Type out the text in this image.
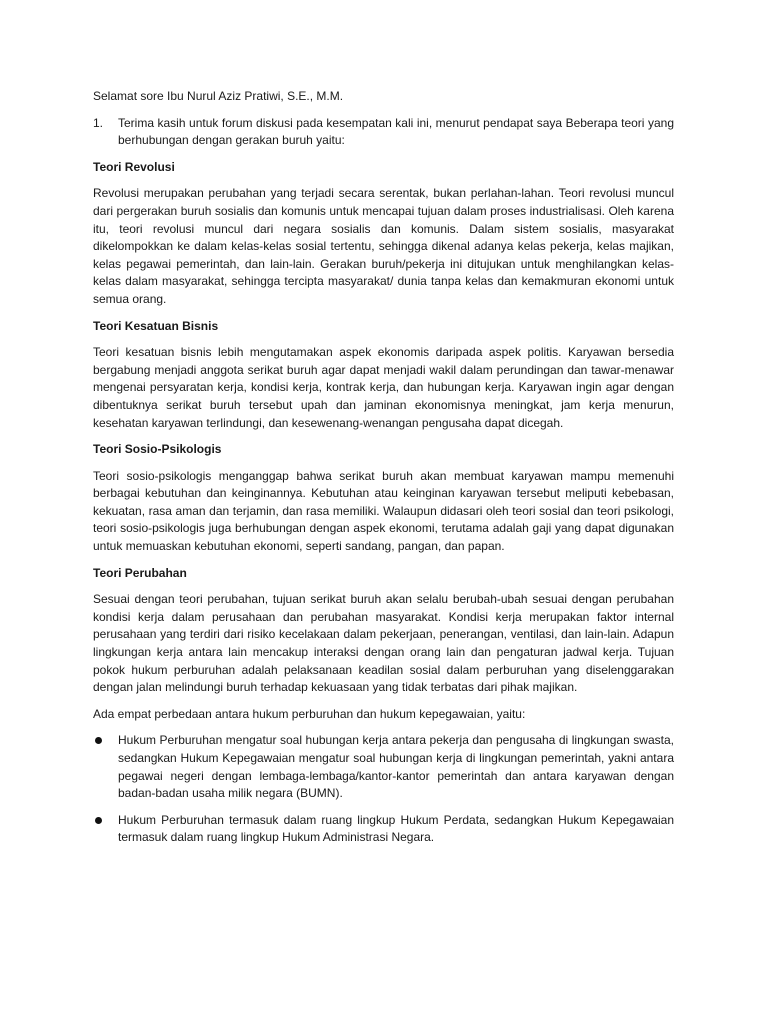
Selamat sore Ibu Nurul Aziz Pratiwi, S.E., M.M.

1.	Terima kasih untuk forum diskusi pada kesempatan kali ini, menurut pendapat saya Beberapa teori yang berhubungan dengan gerakan buruh yaitu:
Teori Revolusi

Revolusi merupakan perubahan yang terjadi secara serentak, bukan perlahan-lahan. Teori revolusi muncul dari pergerakan buruh sosialis dan komunis untuk mencapai tujuan dalam proses industrialisasi. Oleh karena itu, teori revolusi muncul dari negara sosialis dan komunis. Dalam sistem sosialis, masyarakat dikelompokkan ke dalam kelas-kelas sosial tertentu, sehingga dikenal adanya kelas pekerja, kelas majikan, kelas pegawai pemerintah, dan lain-lain. Gerakan buruh/pekerja ini ditujukan untuk menghilangkan kelas-kelas dalam masyarakat, sehingga tercipta masyarakat/ dunia tanpa kelas dan kemakmuran ekonomi untuk semua orang.

Teori Kesatuan Bisnis

Teori kesatuan bisnis lebih mengutamakan aspek ekonomis daripada aspek politis. Karyawan bersedia bergabung menjadi anggota serikat buruh agar dapat menjadi wakil dalam perundingan dan tawar-menawar mengenai persyaratan kerja, kondisi kerja, kontrak kerja, dan hubungan kerja. Karyawan ingin agar dengan dibentuknya serikat buruh tersebut upah dan jaminan ekonomisnya meningkat, jam kerja menurun, kesehatan karyawan terlindungi, dan kesewenang-wenangan pengusaha dapat dicegah.

Teori Sosio-Psikologis

Teori sosio-psikologis menganggap bahwa serikat buruh akan membuat karyawan mampu memenuhi berbagai kebutuhan dan keinginannya. Kebutuhan atau keinginan karyawan tersebut meliputi kebebasan, kekuatan, rasa aman dan terjamin, dan rasa memiliki. Walaupun didasari oleh teori sosial dan teori psikologi, teori sosio-psikologis juga berhubungan dengan aspek ekonomi, terutama adalah gaji yang dapat digunakan untuk memuaskan kebutuhan ekonomi, seperti sandang, pangan, dan papan.

Teori Perubahan

Sesuai dengan teori perubahan, tujuan serikat buruh akan selalu berubah-ubah sesuai dengan perubahan kondisi kerja dalam perusahaan dan perubahan masyarakat. Kondisi kerja merupakan faktor internal perusahaan yang terdiri dari risiko kecelakaan dalam pekerjaan, penerangan, ventilasi, dan lain-lain. Adapun lingkungan kerja antara lain mencakup interaksi dengan orang lain dan pengaturan jadwal kerja. Tujuan pokok hukum perburuhan adalah pelaksanaan keadilan sosial dalam perburuhan yang diselenggarakan dengan jalan melindungi buruh terhadap kekuasaan yang tidak terbatas dari pihak majikan.

Ada empat perbedaan antara hukum perburuhan dan hukum kepegawaian, yaitu:

Hukum Perburuhan mengatur soal hubungan kerja antara pekerja dan pengusaha di lingkungan swasta, sedangkan Hukum Kepegawaian mengatur soal hubungan kerja di lingkungan pemerintah, yakni antara pegawai negeri dengan lembaga-lembaga/kantor-kantor pemerintah dan antara karyawan dengan badan-badan usaha milik negara (BUMN).
Hukum Perburuhan termasuk dalam ruang lingkup Hukum Perdata, sedangkan Hukum Kepegawaian termasuk dalam ruang lingkup Hukum Administrasi Negara.
